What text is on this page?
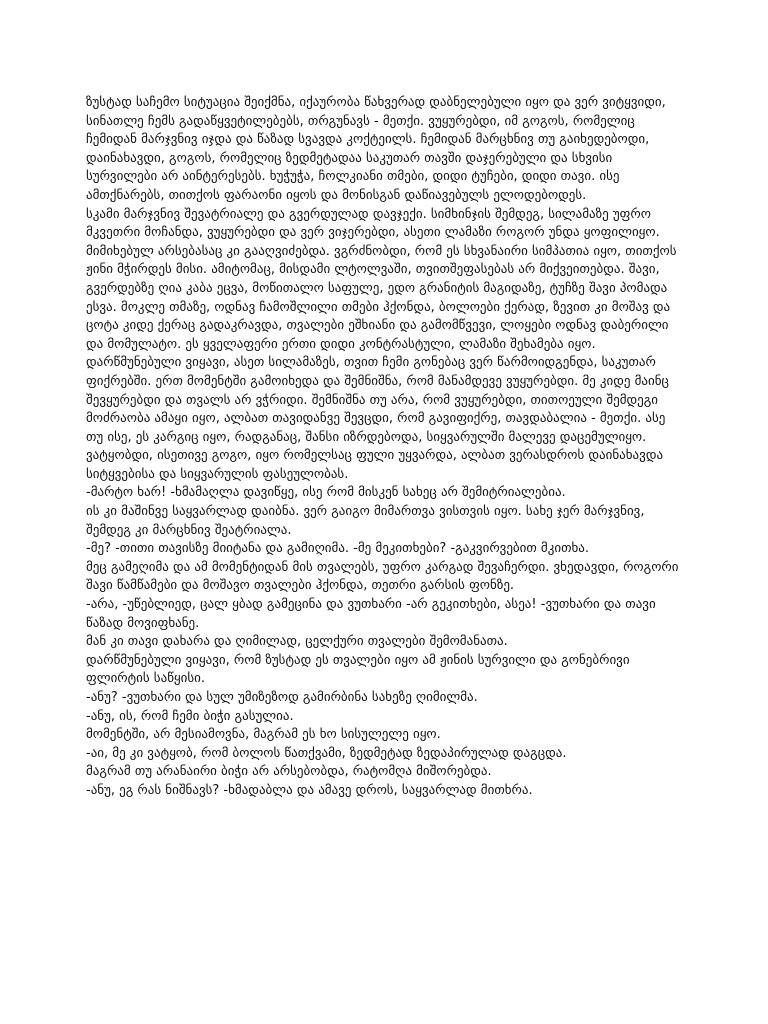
ზუსტად საჩემო სიტუაცია შეიქმნა, იქაურობა წახვერად დაბნელებული იყო და ვერ ვიტყვიდი, სინათლე ჩემს გადაწყვეტილებებს, თრგუნავს - მეთქი. ვუყურებდი, იმ გოგოს, რომელიც ჩემიდან მარჯვნივ იჯდა და წაზად სვავდა კოქტეილს. ჩემიდან მარცხნივ თუ გაიხედებოდი, დაინახავდი, გოგოს, რომელიც ზედმეტადაა საკუთარ თავში დაჯერებული და სხვისი სურვილები არ აინტერესებს. ხუჭუჭა, ჩოლკიანი თმები, დიდი ტუჩები, დიდი თავი. ისე ამთქნარებს, თითქოს ფარაონი იყოს და მონისგან დაწიავებულს ელოდებოდეს.

სკამი მარჯვნივ შევატრიალე და გვერდულად დავჯექი. სიმხინჯის შემდეგ, სილამაზე უფრო მკვეთრი მოჩანდა, ვუყურებდი და ვერ ვიჯერებდი, ასეთი ლამაზი როგორ უნდა ყოფილიყო. მიმიხებულ არსებასაც კი გააღვიძებდა. ვგრძნობდი, რომ ეს სხვანაირი სიმპათია იყო, თითქოს ჟინი მჭირდეს მისი. ამიტომაც, მისდამი ლტოლვაში, თვითშეფასებას არ მიქვეითებდა. შავი, გვერდებზე ღია კაბა ეცვა, მოწითალო საფულე, ედო გრანიტის მაგიდაზე, ტუჩზე შავი პომადა ესვა. მოკლე თმაზე, ოდნავ ჩამოშლილი თმები ჰქონდა, ბოლოები ქერად, ზევით კი მოშავ და ცოტა კიდე ქერაც გადაკრავდა, თვალები ეშხიანი და გამომწვევი, ლოყები ოდნავ დაბერილი და მომულატო. ეს ყველაფერი ერთი დიდი კონტრასტული, ლამაზი შეხამება იყო. დარწმუნებული ვიყავი, ასეთ სილამაზეს, თვით ჩემი გონებაც ვერ წარმოიდგენდა, საკუთარ ფიქრებში. ერთ მომენტში გამოიხედა და შემნიშნა, რომ მანამდევე ვუყურებდი. მე კიდე მაინც შევყურებდი და თვალს არ ვჭრიდი. შემნიშნა თუ არა, რომ ვუყურებდი, თითოეული შემდეგი მოძრაობა ამაყი იყო, ალბათ თავიდანვე შევცდი, რომ გავიფიქრე, თავდაბალია - მეთქი. ასე თუ ისე, ეს კარგიც იყო, რადგანაც, შანსი იზრდებოდა, სიყვარულში მალევე დაცემულიყო. ვატყობდი, ისეთივე გოგო, იყო რომელსაც ფული უყვარდა, ალბათ ვერასდროს დაინახავდა სიტყვებისა და სიყვარულის ფასეულობას.

-მარტო ხარ! -ხმამაღლა დავიწყე, ისე რომ მისკენ სახეც არ შემიტრიალებია.

ის კი მაშინვე საყვარლად დაიბნა. ვერ გაიგო მიმართვა ვისთვის იყო. სახე ჯერ მარჯვნივ, შემდეგ კი მარცხნივ შეატრიალა.

-მე? -თითი თავისზე მიიტანა და გამიღიმა. -მე მეკითხები? -გაკვირვებით მკითხა.

მეც გამეღიმა და ამ მომენტიდან მის თვალებს, უფრო კარგად შევაჩერდი. ვხედავდი, როგორი შავი წამწამები და მოშავო თვალები ჰქონდა, თეთრი გარსის ფონზე.

-არა, -უწებლიედ, ცალ ყბად გამეცინა და ვუთხარი -არ გეკითხები, ასეა! -ვუთხარი და თავი წაზად მოვიფხანე.

მან კი თავი დახარა და ღიმილად, ცელქური თვალები შემომანათა.

დარწმუნებული ვიყავი, რომ ზუსტად ეს თვალები იყო ამ ჟინის სურვილი და გონებრივი ფლირტის საწყისი.

-ანუ? -ვუთხარი და სულ უმიზეზოდ გამირბინა სახეზე ღიმილმა.

-ანუ, ის, რომ ჩემი ბიჭი გასულია.

მომენტში, არ მესიამოვნა, მაგრამ ეს ხო სისულელე იყო.

-აი, მე კი ვატყობ, რომ ბოლოს წათქვამი, ზედმეტად ზედაპირულად დაგცდა.

მაგრამ თუ არანაირი ბიჭი არ არსებობდა, რატომღა მიშორებდა.

-ანუ, ეგ რას ნიშნავს? -ხმადაბლა და ამავე დროს, საყვარლად მითხრა.
